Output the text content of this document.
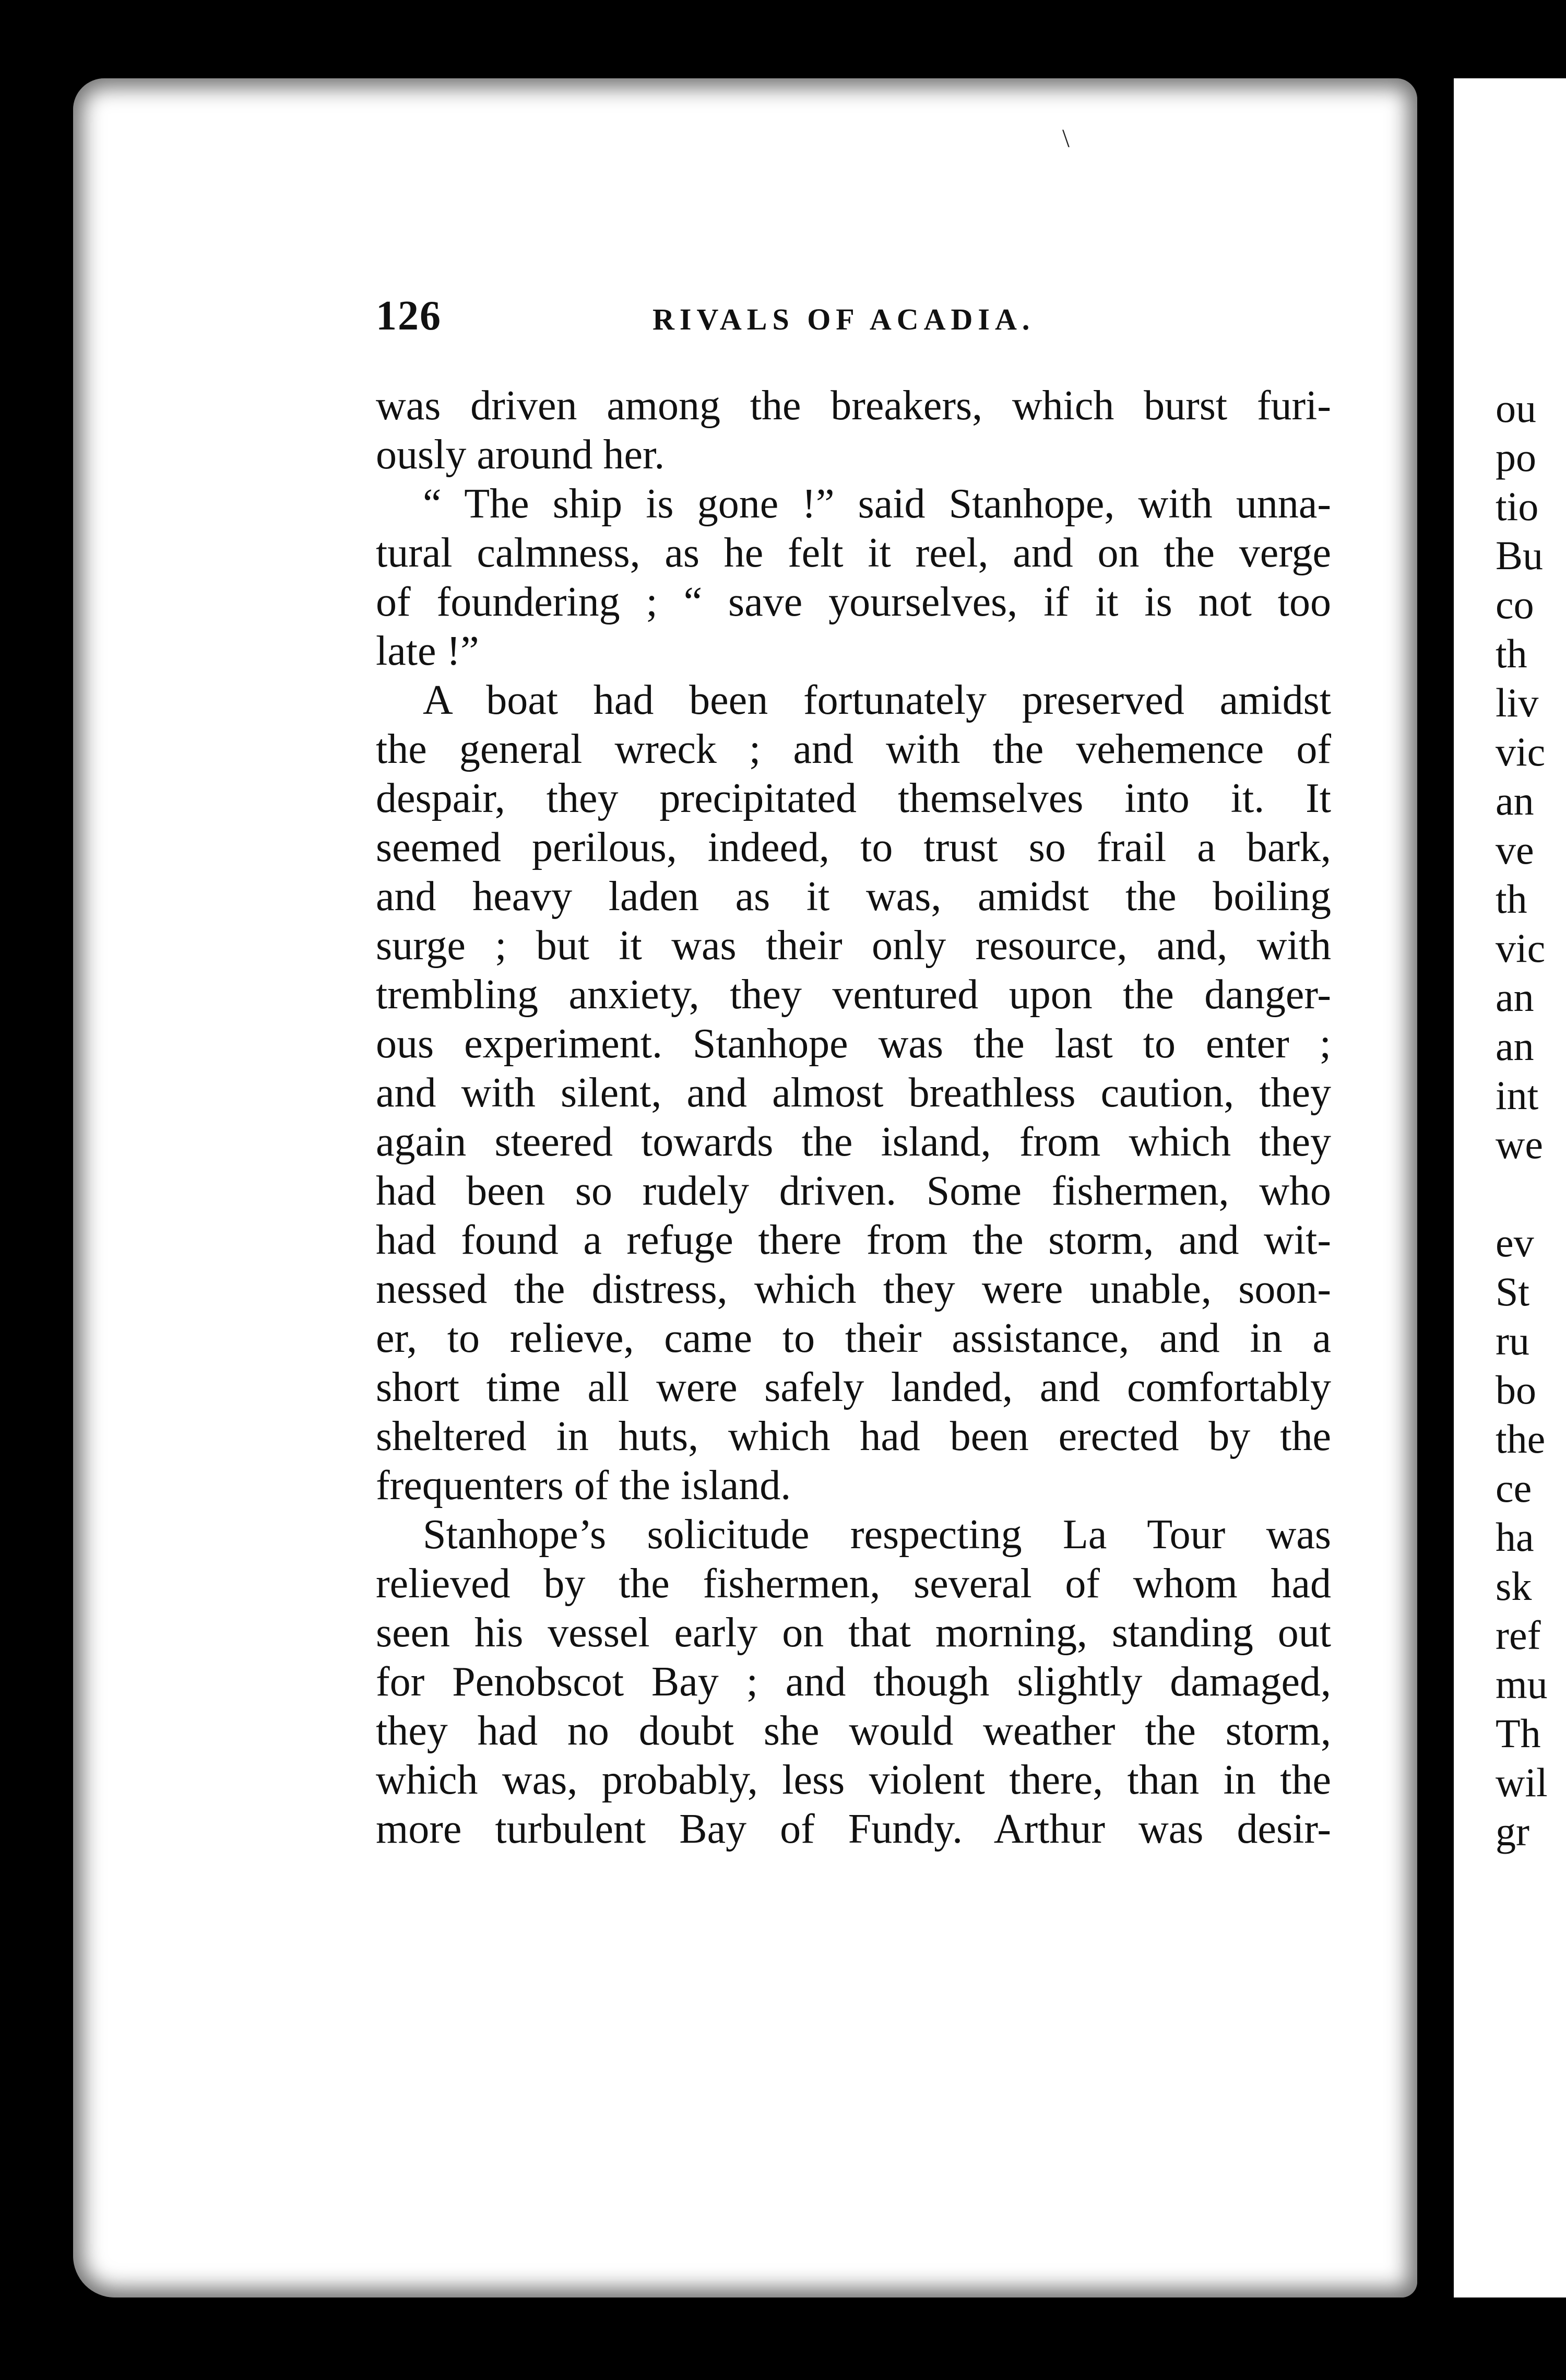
\
126	RIVALS OF ACADIA.
was driven among the breakers, which burst furi-
ously around her.
“ The ship is gone !” said Stanhope, with unna-
tural calmness, as he felt it reel, and on the verge
of foundering ; “ save yourselves, if it is not too
late !”
A boat had been fortunately preserved amidst
the general wreck ; and with the vehemence of
despair, they precipitated themselves into it. It
seemed perilous, indeed, to trust so frail a bark,
and heavy laden as it was, amidst the boiling
surge ; but it was their only resource, and, with
trembling anxiety, they ventured upon the danger-
ous experiment. Stanhope was the last to enter ;
and with silent, and almost breathless caution, they
again steered towards the island, from which they
had been so rudely driven. Some fishermen, who
had found a refuge there from the storm, and wit-
nessed the distress, which they were unable, soon-
er, to relieve, came to their assistance, and in a
short time all were safely landed, and comfortably
sheltered in huts, which had been erected by the
frequenters of the island.
Stanhope’s solicitude respecting La Tour was
relieved by the fishermen, several of whom had
seen his vessel early on that morning, standing out
for Penobscot Bay ; and though slightly damaged,
they had no doubt she would weather the storm,
which was, probably, less violent there, than in the
more turbulent Bay of Fundy. Arthur was desir-
ou
po
tio
Bu
co
th
liv
vic
an
ve
th
vic
an
an
int
we
ev
St
ru
bo
the
ce
ha
sk
ref
mu
Th
wil
gr
